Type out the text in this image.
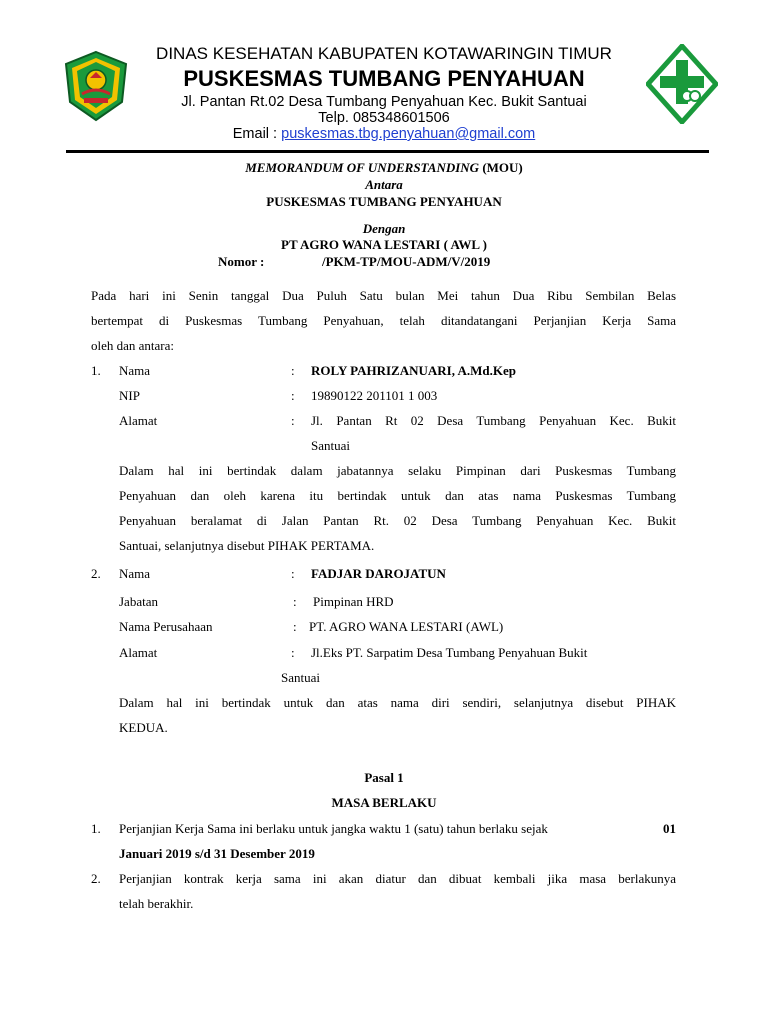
DINAS KESEHATAN KABUPATEN KOTAWARINGIN TIMUR
PUSKESMAS TUMBANG PENYAHUAN
Jl. Pantan Rt.02 Desa Tumbang Penyahuan Kec. Bukit Santuai
Telp. 085348601506
Email : puskesmas.tbg.penyahuan@gmail.com
MEMORANDUM OF UNDERSTANDING (MOU)
Antara
PUSKESMAS TUMBANG PENYAHUAN
Dengan
PT AGRO WANA LESTARI ( AWL )
Nomor :	/PKM-TP/MOU-ADM/V/2019
Pada hari ini Senin tanggal Dua Puluh Satu bulan Mei tahun Dua Ribu Sembilan Belas
bertempat di Puskesmas Tumbang Penyahuan, telah ditandatangani Perjanjian Kerja Sama
oleh dan antara:
1. Nama	: ROLY PAHRIZANUARI, A.Md.Kep
NIP	: 19890122 201101 1 003
Alamat	: Jl. Pantan Rt 02 Desa Tumbang Penyahuan Kec. Bukit
Santuai
Dalam hal ini bertindak dalam jabatannya selaku Pimpinan dari Puskesmas Tumbang
Penyahuan dan oleh karena itu bertindak untuk dan atas nama Puskesmas Tumbang
Penyahuan beralamat di Jalan Pantan Rt. 02 Desa Tumbang Penyahuan Kec. Bukit
Santuai, selanjutnya disebut PIHAK PERTAMA.
2. Nama	: FADJAR DAROJATUN
Jabatan	: Pimpinan HRD
Nama Perusahaan	: PT. AGRO WANA LESTARI (AWL)
Alamat	: Jl.Eks PT. Sarpatim Desa Tumbang Penyahuan Bukit
Santuai
Dalam hal ini bertindak untuk dan atas nama diri sendiri, selanjutnya disebut PIHAK
KEDUA.
Pasal 1
MASA BERLAKU
1. Perjanjian Kerja Sama ini berlaku untuk jangka waktu 1 (satu) tahun berlaku sejak	01
Januari 2019 s/d 31 Desember 2019
2. Perjanjian kontrak kerja sama ini akan diatur dan dibuat kembali jika masa berlakunya
telah berakhir.
